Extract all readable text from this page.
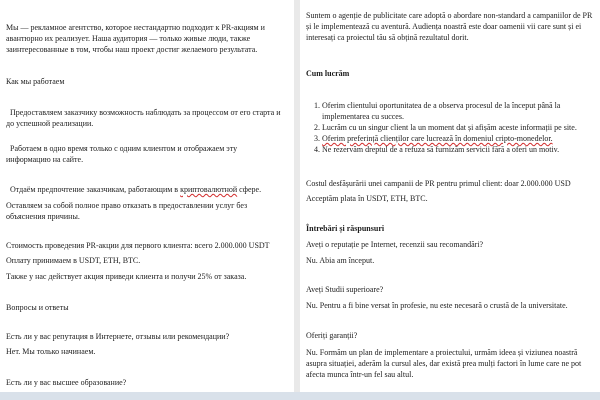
Мы — рекламное агентство, которое нестандартно подходит к PR-акциям и авантюрно их реализует. Наша аудитория — только живые люди, также заинтересованные в том, чтобы наш проект достиг желаемого результата.

Как мы работаем

Предоставляем заказчику возможность наблюдать за процессом от его старта и до успешной реализации.

Работаем в одно время только с одним клиентом и отображаем эту информацию на сайте.

Отдаём предпочтение заказчикам, работающим в криптовалютной сфере.

Оставляем за собой полное право отказать в предоставлении услуг без объяснения причины.

Стоимость проведения PR-акции для первого клиента: всего 2.000.000 USDT

Оплату принимаем в USDT, ETH, BTC.

Также у нас действует акция приведи клиента и получи 25% от заказа.

Вопросы и ответы

Есть ли у вас репутация в Интернете, отзывы или рекомендации?

Нет. Мы только начинаем.

Есть ли у вас высшее образование?

Suntem o agenție de publicitate care adoptă o abordare non-standard a campaniilor de PR și le implementează cu aventură. Audiența noastră este doar oamenii vii care sunt și ei interesați ca proiectul tău să obțină rezultatul dorit.

Cum lucrăm

1. Oferim clientului oportunitatea de a observa procesul de la început până la implementarea cu succes.
2. Lucrăm cu un singur client la un moment dat și afișăm aceste informații pe site.
3. Oferim preferință clienților care lucrează în domeniul cripto-monedelor.
4. Ne rezervăm dreptul de a refuza să furnizăm servicii fără a oferi un motiv.

Costul desfășurării unei campanii de PR pentru primul client: doar 2.000.000 USD

Acceptăm plata în USDT, ETH, BTC.

Întrebări și răspunsuri

Aveți o reputație pe Internet, recenzii sau recomandări?

Nu. Abia am început.

Aveți Studii superioare?

Nu. Pentru a fi bine versat în profesie, nu este necesară o crustă de la universitate.

Oferiți garanții?

Nu. Formăm un plan de implementare a proiectului, urmăm ideea și viziunea noastră asupra situației, aderăm la cursul ales, dar există prea mulți factori în lume care ne pot afecta munca într-un fel sau altul.
